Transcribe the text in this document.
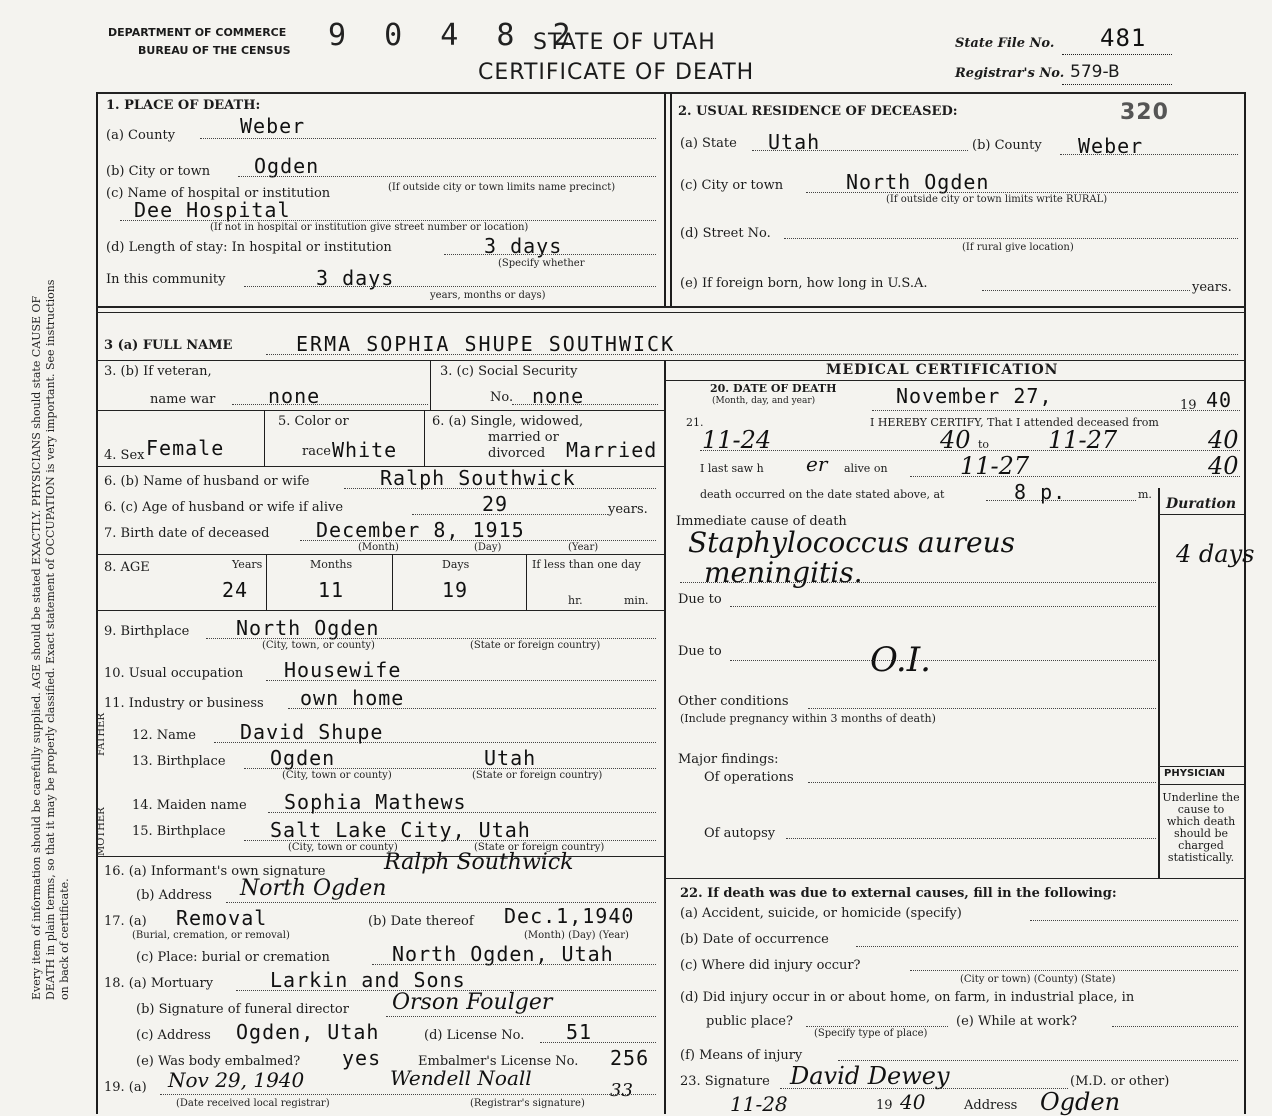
Every item of information should be carefully supplied. AGE should be stated EXACTLY. PHYSICIANS should state CAUSE OF DEATH in plain terms, so that it may be properly classified. Exact statement of OCCUPATION is very important. See instructions on back of certificate.
DEPARTMENT OF COMMERCE
BUREAU OF THE CENSUS 9 0 4 8 2
STATE OF UTAH
CERTIFICATE OF DEATH
State File No. 481
Registrar's No. 579-B
1. PLACE OF DEATH:
(a) County	Weber
(b) City or town Ogden
(c) Name of hospital or institution	(If outside city or town limits name precinct)
Dee Hospital
(If not in hospital or institution give street number or location)
(d) Length of stay: In hospital or institution	3 days
(Specify whether
In this community	3 days
years, months or days)
2. USUAL RESIDENCE OF DECEASED:	320
(a) State Utah	(b) County Weber
(c) City or town	North Ogden
(If outside city or town limits write RURAL)
(d) Street No.
(If rural give location)
(e) If foreign born, how long in U.S.A.	years.
3 (a) FULL NAME	ERMA SOPHIA SHUPE SOUTHWICK
3. (b) If veteran,
name war	none
3. (c) Social Security
No. none
4. Sex Female
5. Color or
race White
6. (a) Single, widowed,
married or
divorced Married
6. (b) Name of husband or wife	Ralph Southwick
6. (c) Age of husband or wife if alive	29	years.
7. Birth date of deceased December 8, 1915
(Month)	(Day)	(Year)
8. AGE	Years	Months	Days	If less than one day
24	11	19	hr.	min.
9. Birthplace North Ogden
(City, town, or county)	(State or foreign country)
10. Usual occupation Housewife
11. Industry or business own home
FATHER
MOTHER
12. Name David Shupe
13. Birthplace Ogden	Utah
(City, town or county)	(State or foreign country)
14. Maiden name Sophia Mathews
15. Birthplace Salt Lake City, Utah
(City, town or county)	(State or foreign country)
16. (a) Informant's own signature	Ralph Southwick
(b) Address North Ogden
17. (a) Removal	(b) Date thereof Dec.1,1940
(Burial, cremation, or removal)	(Month) (Day) (Year)
(c) Place: burial or cremation	North Ogden, Utah
18. (a) Mortuary	Larkin and Sons
(b) Signature of funeral director Orson Foulger
(c) Address Ogden, Utah	(d) License No. 51
(e) Was body embalmed? yes	Embalmer's License No. 256
19. (a) Nov 29, 1940	Wendell Noall
33
(Date received local registrar)	(Registrar's signature)
MEDICAL CERTIFICATION
20. DATE OF DEATH
(Month, day, and year)	November 27,	19 40
21.	I HEREBY CERTIFY, That I attended deceased from
11-24	40 to 11-27	40
I last saw h er alive on	11-27	40
death occurred on the date stated above, at	8 p.	m.
Duration
Immediate cause of death
Staphylococcus aureus
meningitis.
4 days
Due to
Due to	O.I.
Other conditions
(Include pregnancy within 3 months of death)
Major findings:
Of operations
Of autopsy
PHYSICIAN
Underline the cause to which death should be charged statistically.
22. If death was due to external causes, fill in the following:
(a) Accident, suicide, or homicide (specify)
(b) Date of occurrence
(c) Where did injury occur?
(City or town) (County) (State)
(d) Did injury occur in or about home, on farm, in industrial place, in
public place?
(Specify type of place)
(e) While at work?
(f) Means of injury
23. Signature David Dewey	(M.D. or other)
11-28	19 40	Address Ogden
